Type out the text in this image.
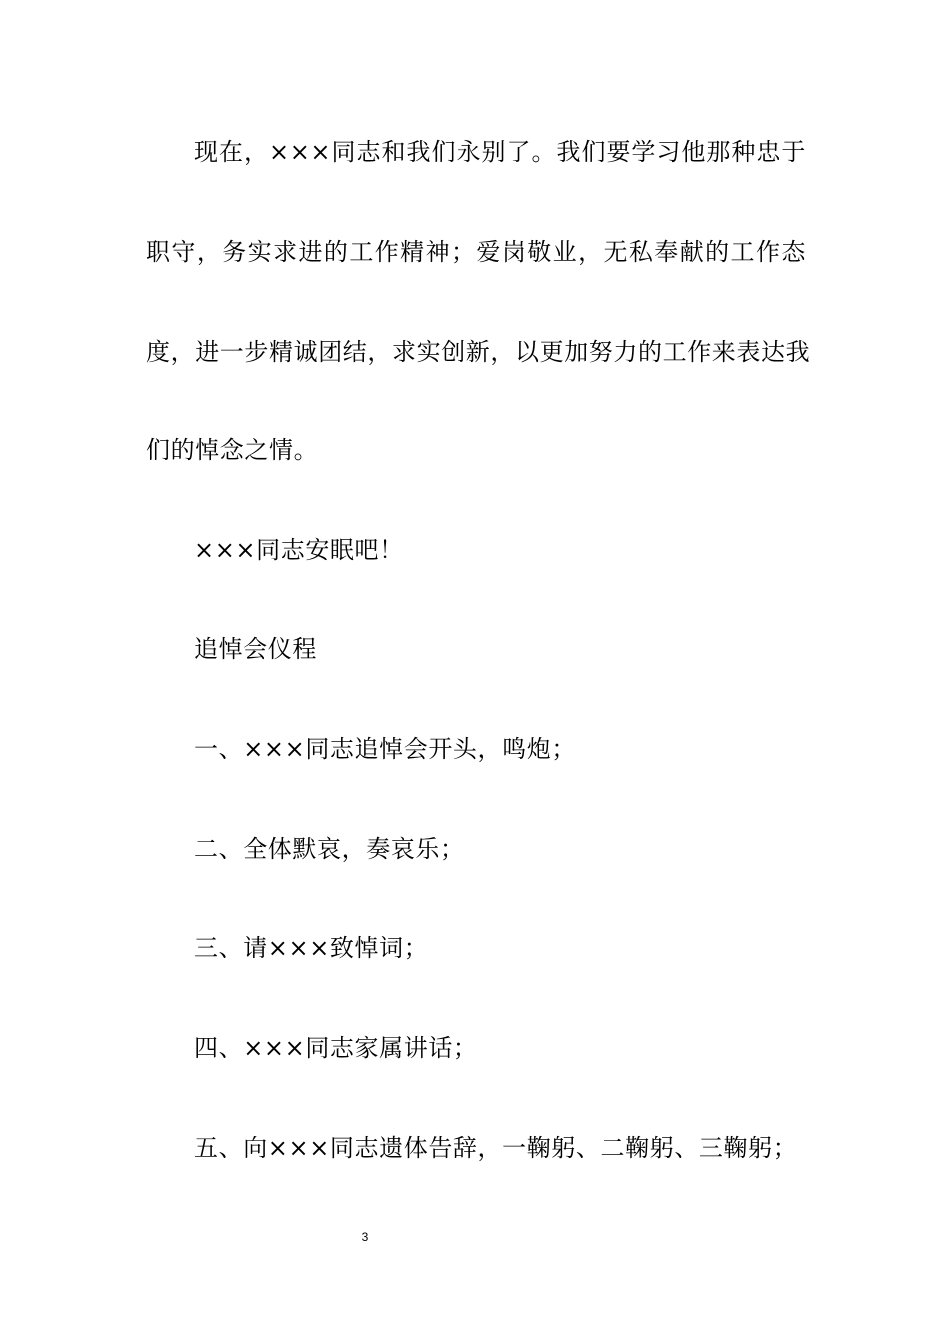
现在，×××同志和我们永别了。我们要学习他那种忠于
职守，务实求进的工作精神；爱岗敬业，无私奉献的工作态
度，进一步精诚团结，求实创新，以更加努力的工作来表达我
们的悼念之情。
×××同志安眠吧！
追悼会仪程
一、×××同志追悼会开头，鸣炮；
二、全体默哀，奏哀乐；
三、请×××致悼词；
四、×××同志家属讲话；
五、向×××同志遗体告辞，一鞠躬、二鞠躬、三鞠躬；
3
